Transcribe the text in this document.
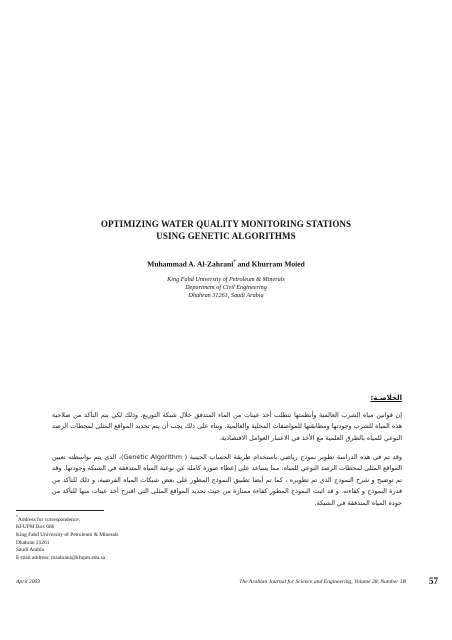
OPTIMIZING WATER QUALITY MONITORING STATIONS
USING GENETIC ALGORITHMS
Muhammad A. Al-Zahrani* and Khurram Moied
King Fahd University of Petroleum & Minerals
Department of Civil Engineering
Dhahran 31261, Saudi Arabia
الخلاصـة:
إن قوانين مياه الشرب العالمية وأنظمتها تتطلب أخذ عينات من الماء المتدفق خلال شبكة التوزيع، وذلك لكي يتم التأكد من صلاحية هذه المياه للشرب وجودتها ومطابقتها للمواصفات المحلية والعالمية. وبناء على ذلك يجب أن يتم تحديد المواقع المثلى لمحطات الرصد النوعي للمياه بالطرق العلمية مع الأخذ في الاعتبار العوامل الاقتصادية.
وقد تم في هذه الدراسة تطوير نموذج رياضي باستخدام طريقة الحساب الجينية ( Genetic Algorithm)، الذي يتم بواسطته تعيين المواقع المثلى لمحطات الرصد النوعي للمياه، مما يساعد على إعطاء صورة كاملة عن نوعية المياه المتدفقة في الشبكة وجودتها. وقد تم توضيح و شرح النموذج الذي تم تطويره ، كما تم أيضا تطبيق النموذج المطور على بعض شبكات المياه الفرضية، و ذلك للتأكد من قدرة النموذج و كفاءته. و قد اثبت النموذج المطور كفاءة ممتازة من حيث تحديد المواقع المثلى التي اقترح أخذ عينات منها للتأكد من جودة المياه المتدفقة في الشبكة.
*Address for correspondence:
KFUPM Box 686
King Fahd University of Petroleum & Minerals
Dhahran 31261
Saudi Arabia
E-mail address: mzahrani@kfupm.edu.sa
April 2003	The Arabian Journal for Science and Engineering, Volume 28, Number 1B	57
